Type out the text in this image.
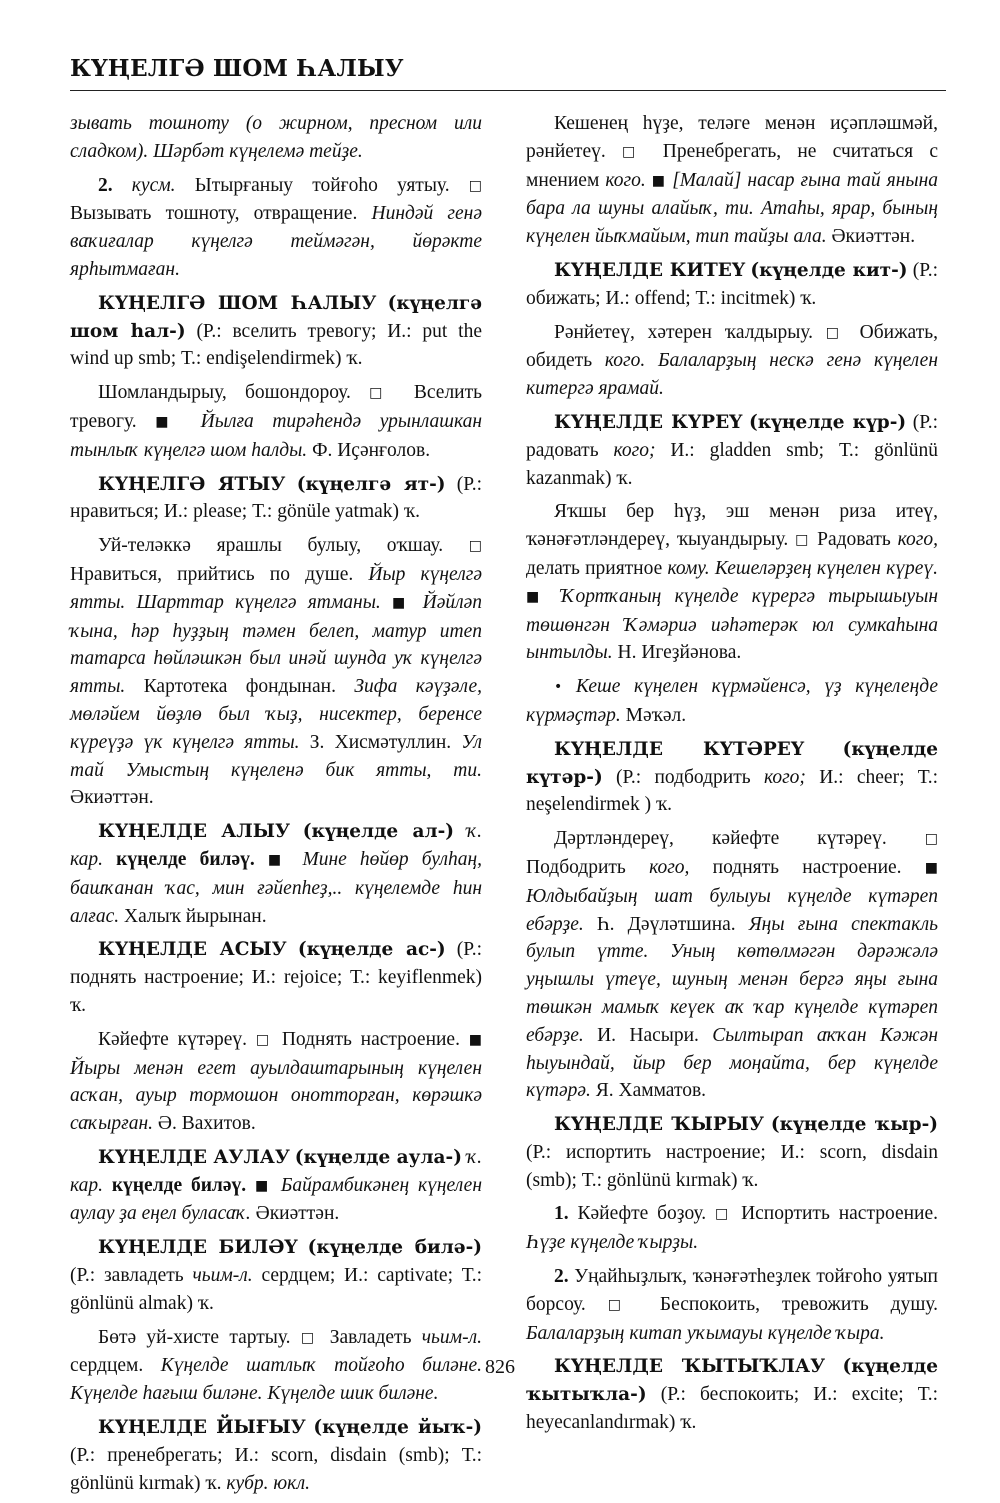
КҮҢЕЛГӘ ШОМ ҺАЛЫУ

зывать тошноту (о жирном, пресном или сладком). Шәрбәт күңелемә тейҙе.

2. кусм. Ытырғаныу тойғоһо уятыу. □ Вызывать тошноту, отвращение. Ниндәй генә ваҡиғалар күңелгә теймәгән, йөрәкте ярһытмаған.

КҮҢЕЛГӘ ШОМ ҺАЛЫУ (күңелгә шом һал-) (Р.: вселить тревогу; И.: put the wind up smb; Т.: endişelendirmek) ҡ.

Шомландырыу, бошондороу. □ Вселить тревогу. ■ Йылға тирәһендә урынлашкан тынлыҡ күңелгә шом һалды. Ф. Иҫәнғолов.

КҮҢЕЛГӘ ЯТЫУ (күңелгә ят-) (Р.: нравиться; И.: please; Т.: gönüle yatmak) ҡ.

Уй-теләккә ярашлы булыу, оҡшау. □ Нравиться, прийтись по душе. Йыр күңелгә ятты. Шарттар күңелгә ятманы. ■ Йәйләп ҡына, һәр һуҙҙың тәмен белеп, матур итеп татарса һөйләшкән был инәй шунда уҡ күңелгә ятты. Картотека фондынан. Зифа кәүҙәле, мөләйем йөҙлө был ҡыҙ, нисектер, беренсе күреүҙә үк күңелгә ятты. З. Хисмәтуллин. Ул тай Умыстың күңеленә бик ятты, ти. Әкиәттән.

КҮҢЕЛДЕ АЛЫУ (күңелде ал-) ҡ. кар. күңелде биләү. ■ Мине һөйөр булһаң, башҡанан ҡас, мин ғәйепһеҙ,.. күңелемде һин алғас. Халыҡ йырынан.

КҮҢЕЛДЕ АСЫУ (күңелде ас-) (Р.: поднять настроение; И.: rejoice; Т.: keyiflenmek) ҡ.

Кәйефте күтәреү. □ Поднять настроение. ■ Йыры менән егет ауылдаштарының күңелен асҡан, ауыр тормошон онотторған, көрәшкә саҡырған. Ә. Вахитов.

КҮҢЕЛДЕ АУЛАУ (күңелде аула-) ҡ. кар. күңелде биләү. ■ Байрамбикәнең күңелен аулау ҙа еңел буласаҡ. Әкиәттән.

КҮҢЕЛДЕ БИЛӘҮ (күңелде билә-) (Р.: завладеть чьим-л. сердцем; И.: captivate; Т.: gönlünü almak) ҡ.

Бөтә уй-хисте тартыу. □ Завладеть чьим-л. сердцем. Күңелде шатлыҡ тойғоһо биләне. Күңелде һағыш биләне. Күңелде шик биләне.

КҮҢЕЛДЕ ЙЫҒЫУ (күңелде йыҡ-) (Р.: пренебрегать; И.: scorn, disdain (smb); Т.: gönlünü kırmak) ҡ. кубр. юкл.

Кешенең һүҙе, теләге менән иҫәпләшмәй, рәнйетеү. □ Пренебрегать, не считаться с мнением кого. ■ [Малай] насар ғына тай янына бара ла шуны алайыҡ, ти. Атаһы, ярар, бының күңелен йыҡмайым, тип тайҙы ала. Әкиәттән.

КҮҢЕЛДЕ КИТЕҮ (күңелде кит-) (Р.: обижать; И.: offend; Т.: incitmek) ҡ.

Рәнйетеү, хәтерен ҡалдырыу. □ Обижать, обидеть кого. Балаларҙың нескә генә күңелен китергә ярамай.

КҮҢЕЛДЕ КҮРЕҮ (күңелде күр-) (Р.: радовать кого; И.: gladden smb; Т.: gönlünü kazanmak) ҡ.

Яҡшы бер һүҙ, эш менән риза итеү, ҡәнәғәтләндереү, ҡыуандырыу. □ Радовать кого, делать приятное кому. Кешеләрҙең күңелен күреү. ■ Ҡортҡаның күңелде күрергә тырышыуын төшөнгән Ҡәмәриә иәһәтерәк юл сумкаһына ынтылды. Н. Игеҙйәнова.

• Кеше күңелен күрмәйенсә, үҙ күңелеңде күрмәҫтәр. Мәҡәл.

КҮҢЕЛДЕ КҮТӘРЕҮ (күңелде күтәр-) (Р.: подбодрить кого; И.: cheer; Т.: neşelendirmek ) ҡ.

Дәртләндереү, кәйефте күтәреү.	□ Подбодрить кого, поднять настроение. ■ Юлдыбайҙың шат булыуы күңелде күтәреп ебәрҙе. Һ. Дәүләтшина. Яңы ғына спектакль булып үтте. Уның көтөлмәгән дәрәжәлә уңышлы үтеүе, шуның менән бергә яңы ғына төшкән мамыҡ кеүек аҡ ҡар күңелде күтәреп ебәрҙе. И. Насыри. Сылтырап аҡҡан Кәжән һыуындай, йыр бер моңайта, бер күңелде күтәрә. Я. Хамматов.

КҮҢЕЛДЕ ҠЫРЫУ (күңелде ҡыр-) (Р.: испортить настроение; И.: scorn, disdain (smb); Т.: gönlünü kırmak) ҡ.

1. Кәйефте боҙоу. □ Испортить настроение. Һүҙе күңелде ҡырҙы.

2. Уңайһыҙлыҡ, ҡәнәғәтһеҙлек тойғоһо уятып борсоу. □ Беспокоить, тревожить душу. Балаларҙың китап уҡымауы күңелде ҡыра.

КҮҢЕЛДЕ ҠЫТЫҠЛАУ (күңелде ҡытыҡла-) (Р.: беспокоить; И.: excite; Т.: heyecanlandırmak) ҡ.

826
